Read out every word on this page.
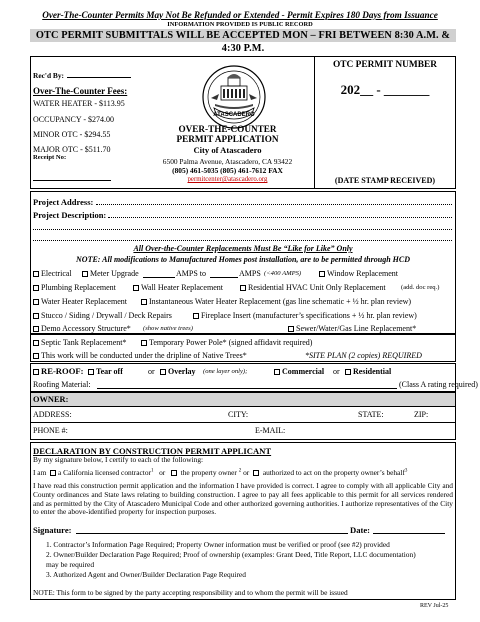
Over-The-Counter Permits May Not Be Refunded or Extended - Permit Expires 180 Days from Issuance
INFORMATION PROVIDED IS PUBLIC RECORD
OTC PERMIT SUBMITTALS WILL BE ACCEPTED MON – FRI BETWEEN 8:30 A.M. & 4:30 P.M.
Rec'd By:
Over-The-Counter Fees:
WATER HEATER - $113.95
OCCUPANCY - $274.00
MINOR OTC - $294.55
MAJOR OTC - $511.70
Receipt No:
ATASCADERO
OVER-THE-COUNTER
PERMIT APPLICATION
City of Atascadero
6500 Palma Avenue, Atascadero, CA 93422
(805) 461-5035 (805) 461-7612 FAX
permitcenter@atascadero.org
OTC PERMIT NUMBER
202__ - _______
(DATE STAMP RECEIVED)
Project Address:
Project Description:
All Over-the-Counter Replacements Must Be “Like for Like” Only
NOTE: All modifications to Manufactured Homes post installation, are to be permitted through HCD
Electrical	Meter Upgrade	AMPS to	AMPS (<400 AMPS)	Window Replacement
Plumbing Replacement	Wall Heater Replacement	Residential HVAC Unit Only Replacement (add. doc req.)
Water Heater Replacement	Instantaneous Water Heater Replacement (gas line schematic + ½ hr. plan review)
Stucco / Siding / Drywall / Deck Repairs	Fireplace Insert (manufacturer’s specifications + ½ hr. plan review)
Demo Accessory Structure* (show native trees)	Sewer/Water/Gas Line Replacement*
Septic Tank Replacement*	Temporary Power Pole* (signed affidavit required)
This work will be conducted under the dripline of Native Trees*	*SITE PLAN (2 copies) REQUIRED
RE-ROOF:	Tear off	or	Overlay (one layer only);	Commercial or	Residential
Roofing Material:	(Class A rating required)
OWNER:
ADDRESS:	CITY:	STATE:	ZIP:
PHONE #:	E-MAIL:
DECLARATION BY CONSTRUCTION PERMIT APPLICANT
By my signature below, I certify to each of the following:
I am a California licensed contractor$^1$ or the property owner $^2$ or authorized to act on the property owner’s behalf$^3$
I have read this construction permit application and the information I have provided is correct. I agree to comply with all applicable City and County ordinances and State laws relating to building construction. I agree to pay all fees applicable to this permit for all services rendered and as permitted by the City of Atascadero Municipal Code and other authorized governing authorities. I authorize representatives of the City to enter the above-identified property for inspection purposes.
Signature:	Date:
1. Contractor’s Information Page Required; Property Owner information must be verified or proof (see #2) provided
2. Owner/Builder Declaration Page Required; Proof of ownership (examples: Grant Deed, Title Report, LLC documentation)
may be required
3. Authorized Agent and Owner/Builder Declaration Page Required
NOTE: This form to be signed by the party accepting responsibility and to whom the permit will be issued
REV Jul-25
